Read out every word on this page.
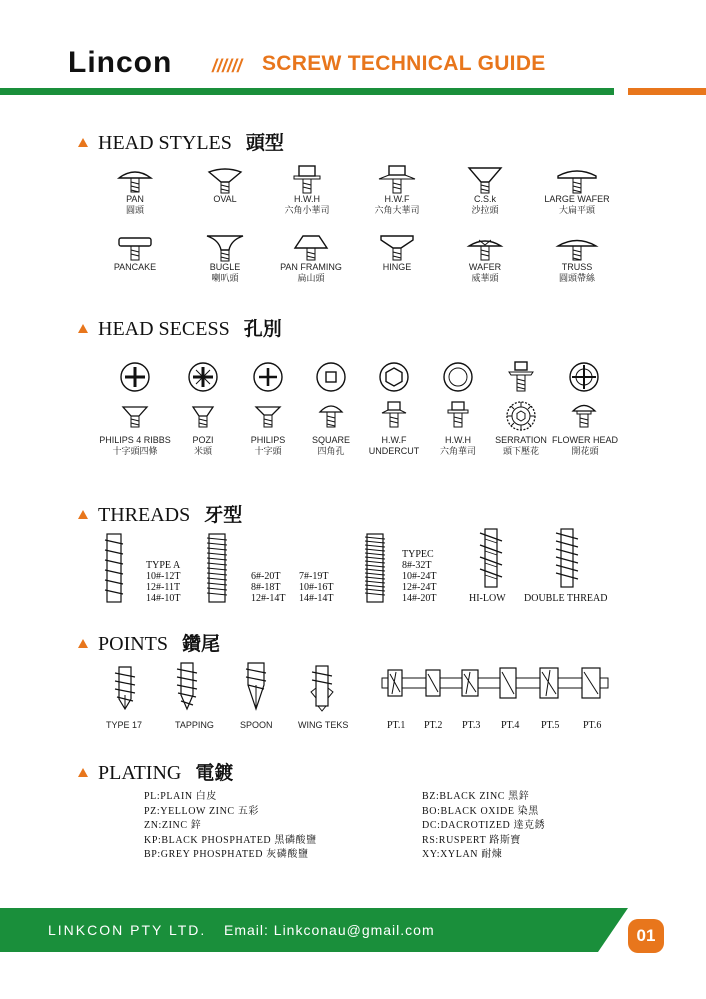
Lincon ////// SCREW TECHNICAL GUIDE
HEAD STYLES 頭型
PAN
圓頭
OVAL	H.W.H
六角小華司
H.W.F
六角大華司
C.S.k
沙拉頭
LARGE WAFER
大扁平頭
PANCAKE	BUGLE
喇叭頭
PAN FRAMING
扁山頭
HINGE	WAFER
威華頭
TRUSS
圓頭帶絲
HEAD SECESS 孔別
PHILIPS 4 RIBBS
十字頭四條
POZI
米頭
PHILIPS
十字頭
SQUARE
四角孔
H.W.F
UNDERCUT
H.W.H
六角華司
SERRATION
頭下壓花
FLOWER HEAD
開花頭
THREADS 牙型
TYPE A
10#-12T
12#-11T
14#-10T
6#-20T
8#-18T
12#-14T
7#-19T
10#-16T
14#-14T
TYPEC
8#-32T
10#-24T
12#-24T
14#-20T	HI-LOW DOUBLE THREAD
POINTS 鑽尾
TYPE 17	TAPPING	SPOON	WING TEKS	PT.1 PT.2 PT.3 PT.4 PT.5 PT.6
PLATING 電鍍
PL:PLAIN 白皮
PZ:YELLOW ZINC 五彩
ZN:ZINC 鋅
KP:BLACK PHOSPHATED 黑磷酸鹽
BP:GREY PHOSPHATED 灰磷酸鹽
BZ:BLACK ZINC 黑鋅
BO:BLACK OXIDE 染黑
DC:DACROTIZED 達克銹
RS:RUSPERT 路斯寶
XY:XYLAN 耐煉
LINKCON PTY LTD. Email: Linkconau@gmail.com	01
